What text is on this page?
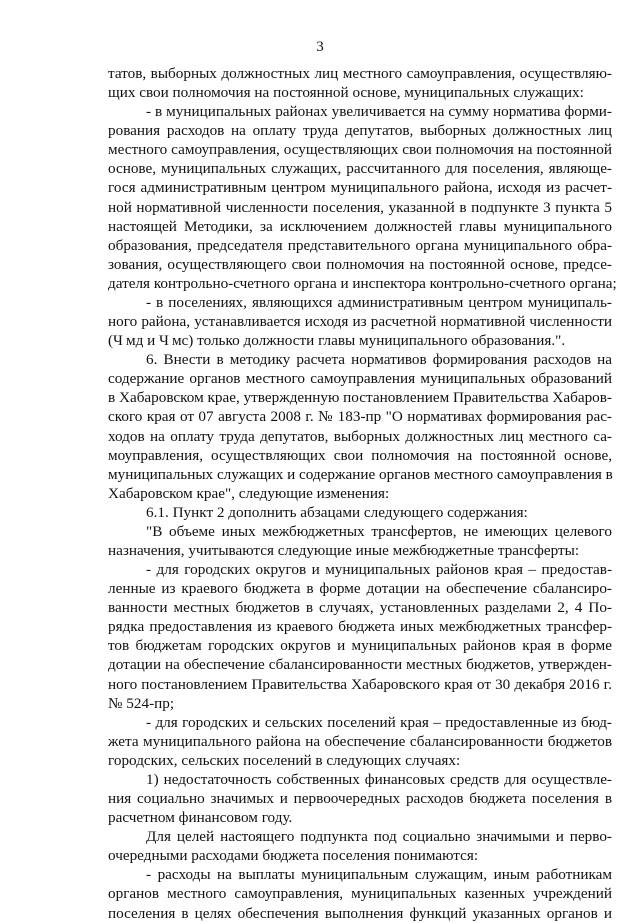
3
татов, выборных должностных лиц местного самоуправления, осуществляю-
щих свои полномочия на постоянной основе, муниципальных служащих:
- в муниципальных районах увеличивается на сумму норматива форми-
рования расходов на оплату труда депутатов, выборных должностных лиц
местного самоуправления, осуществляющих свои полномочия на постоянной
основе, муниципальных служащих, рассчитанного для поселения, являюще-
гося административным центром муниципального района, исходя из расчет-
ной нормативной численности поселения, указанной в подпункте 3 пункта 5
настоящей Методики, за исключением должностей главы муниципального
образования, председателя представительного органа муниципального обра-
зования, осуществляющего свои полномочия на постоянной основе, предсе-
дателя контрольно-счетного органа и инспектора контрольно-счетного органа;
- в поселениях, являющихся административным центром муниципаль-
ного района, устанавливается исходя из расчетной нормативной численности
(Ч мд и Ч мс) только должности главы муниципального образования.".
6. Внести в методику расчета нормативов формирования расходов на
содержание органов местного самоуправления муниципальных образований
в Хабаровском крае, утвержденную постановлением Правительства Хабаров-
ского края от 07 августа 2008 г. № 183-пр "О нормативах формирования рас-
ходов на оплату труда депутатов, выборных должностных лиц местного са-
моуправления, осуществляющих свои полномочия на постоянной основе,
муниципальных служащих и содержание органов местного самоуправления в
Хабаровском крае", следующие изменения:
6.1. Пункт 2 дополнить абзацами следующего содержания:
"В объеме иных межбюджетных трансфертов, не имеющих целевого
назначения, учитываются следующие иные межбюджетные трансферты:
- для городских округов и муниципальных районов края – предостав-
ленные из краевого бюджета в форме дотации на обеспечение сбалансиро-
ванности местных бюджетов в случаях, установленных разделами 2, 4 По-
рядка предоставления из краевого бюджета иных межбюджетных трансфер-
тов бюджетам городских округов и муниципальных районов края в форме
дотации на обеспечение сбалансированности местных бюджетов, утвержден-
ного постановлением Правительства Хабаровского края от 30 декабря 2016 г.
№ 524-пр;
- для городских и сельских поселений края – предоставленные из бюд-
жета муниципального района на обеспечение сбалансированности бюджетов
городских, сельских поселений в следующих случаях:
1) недостаточность собственных финансовых средств для осуществле-
ния социально значимых и первоочередных расходов бюджета поселения в
расчетном финансовом году.
Для целей настоящего подпункта под социально значимыми и перво-
очередными расходами бюджета поселения понимаются:
- расходы на выплаты муниципальным служащим, иным работникам
органов местного самоуправления, муниципальных казенных учреждений
поселения в целях обеспечения выполнения функций указанных органов и
